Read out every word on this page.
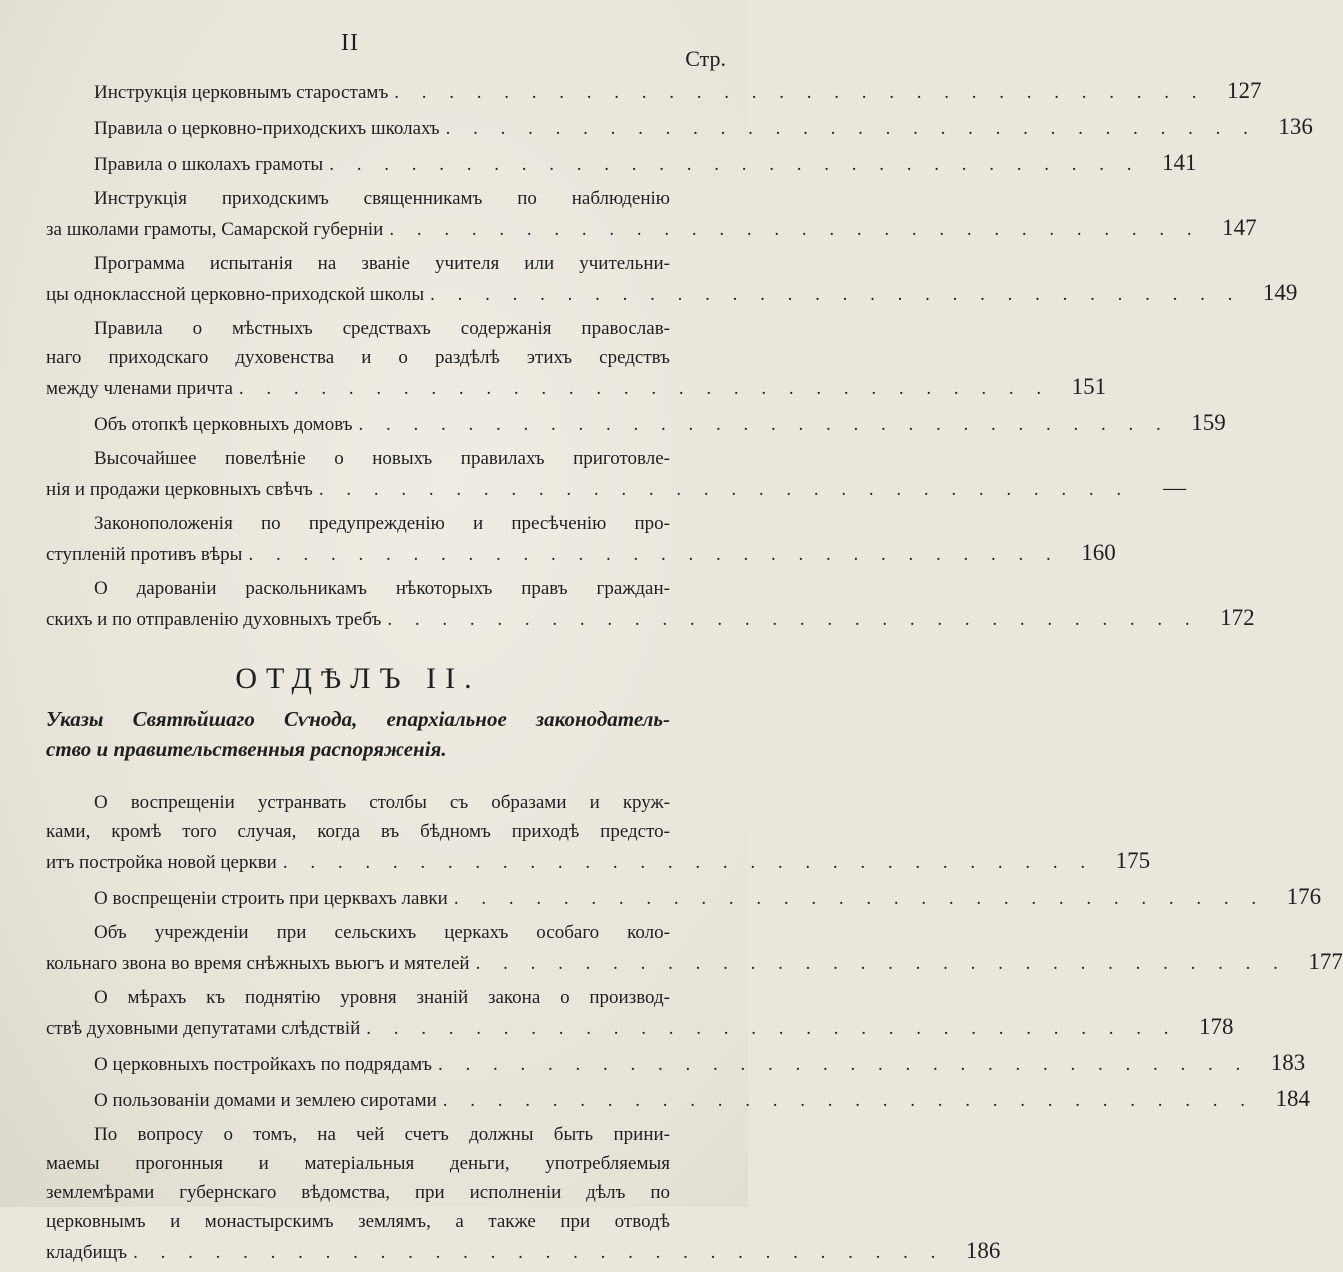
II
Стр.
Инструкція церковнымъ старостамъ . . . . . . . . . . . . . . . . . . . . . . . . . . . . . . 127
Правила о церковно-приходскихъ школахъ . . . . . . . . . . . . . . . . . . . . . . . . . . . . . . 136
Правила о школахъ грамоты . . . . . . . . . . . . . . . . . . . . . . . . . . . . . . 141
Инструкція приходскимъ священникамъ по наблюденію
за школами грамоты, Самарской губерніи . . . . . . . . . . . . . . . . . . . . . . . . . . . . . . 147
Программа испытанія на званіе учителя или учительни-
цы одноклассной церковно-приходской школы . . . . . . . . . . . . . . . . . . . . . . . . . . . . . . 149
Правила о мѣстныхъ средствахъ содержанія православ-
наго приходскаго духовенства и о раздѣлѣ этихъ средствъ
между членами причта . . . . . . . . . . . . . . . . . . . . . . . . . . . . . . 151
Объ отопкѣ церковныхъ домовъ . . . . . . . . . . . . . . . . . . . . . . . . . . . . . . 159
Высочайшее повелѣніе о новыхъ правилахъ приготовле-
нія и продажи церковныхъ свѣчъ . . . . . . . . . . . . . . . . . . . . . . . . . . . . . .	—
Законоположенія по предупрежденію и пресѣченію про-
ступленій противъ вѣры . . . . . . . . . . . . . . . . . . . . . . . . . . . . . . 160
О дарованіи раскольникамъ нѣкоторыхъ правъ граждан-
скихъ и по отправленію духовныхъ требъ . . . . . . . . . . . . . . . . . . . . . . . . . . . . . . 172
ОТДѢЛЪ II.
Указы Святѣйшаго Сѵнода, епархіальное законодатель-
ство и правительственныя распоряженія.
О воспрещеніи устранвать столбы съ образами и круж-
ками, кромѣ того случая, когда въ бѣдномъ приходѣ предсто-
итъ постройка новой церкви . . . . . . . . . . . . . . . . . . . . . . . . . . . . . . 175
О воспрещеніи строить при церквахъ лавки . . . . . . . . . . . . . . . . . . . . . . . . . . . . . . 176
Объ учрежденіи при сельскихъ церкахъ особаго коло-
кольнаго звона во время снѣжныхъ вьюгъ и мятелей . . . . . . . . . . . . . . . . . . . . . . . . . . . . . . 177
О мѣрахъ къ поднятію уровня знаній закона о производ-
ствѣ духовными депутатами слѣдствій . . . . . . . . . . . . . . . . . . . . . . . . . . . . . . 178
О церковныхъ постройкахъ по подрядамъ . . . . . . . . . . . . . . . . . . . . . . . . . . . . . . 183
О пользованіи домами и землею сиротами . . . . . . . . . . . . . . . . . . . . . . . . . . . . . . 184
По вопросу о томъ, на чей счетъ должны быть прини-
маемы прогонныя и матеріальныя деньги, употребляемыя
землемѣрами губернскаго вѣдомства, при исполненіи дѣлъ по
церковнымъ и монастырскимъ землямъ, а также при отводѣ
кладбищъ . . . . . . . . . . . . . . . . . . . . . . . . . . . . . . 186
